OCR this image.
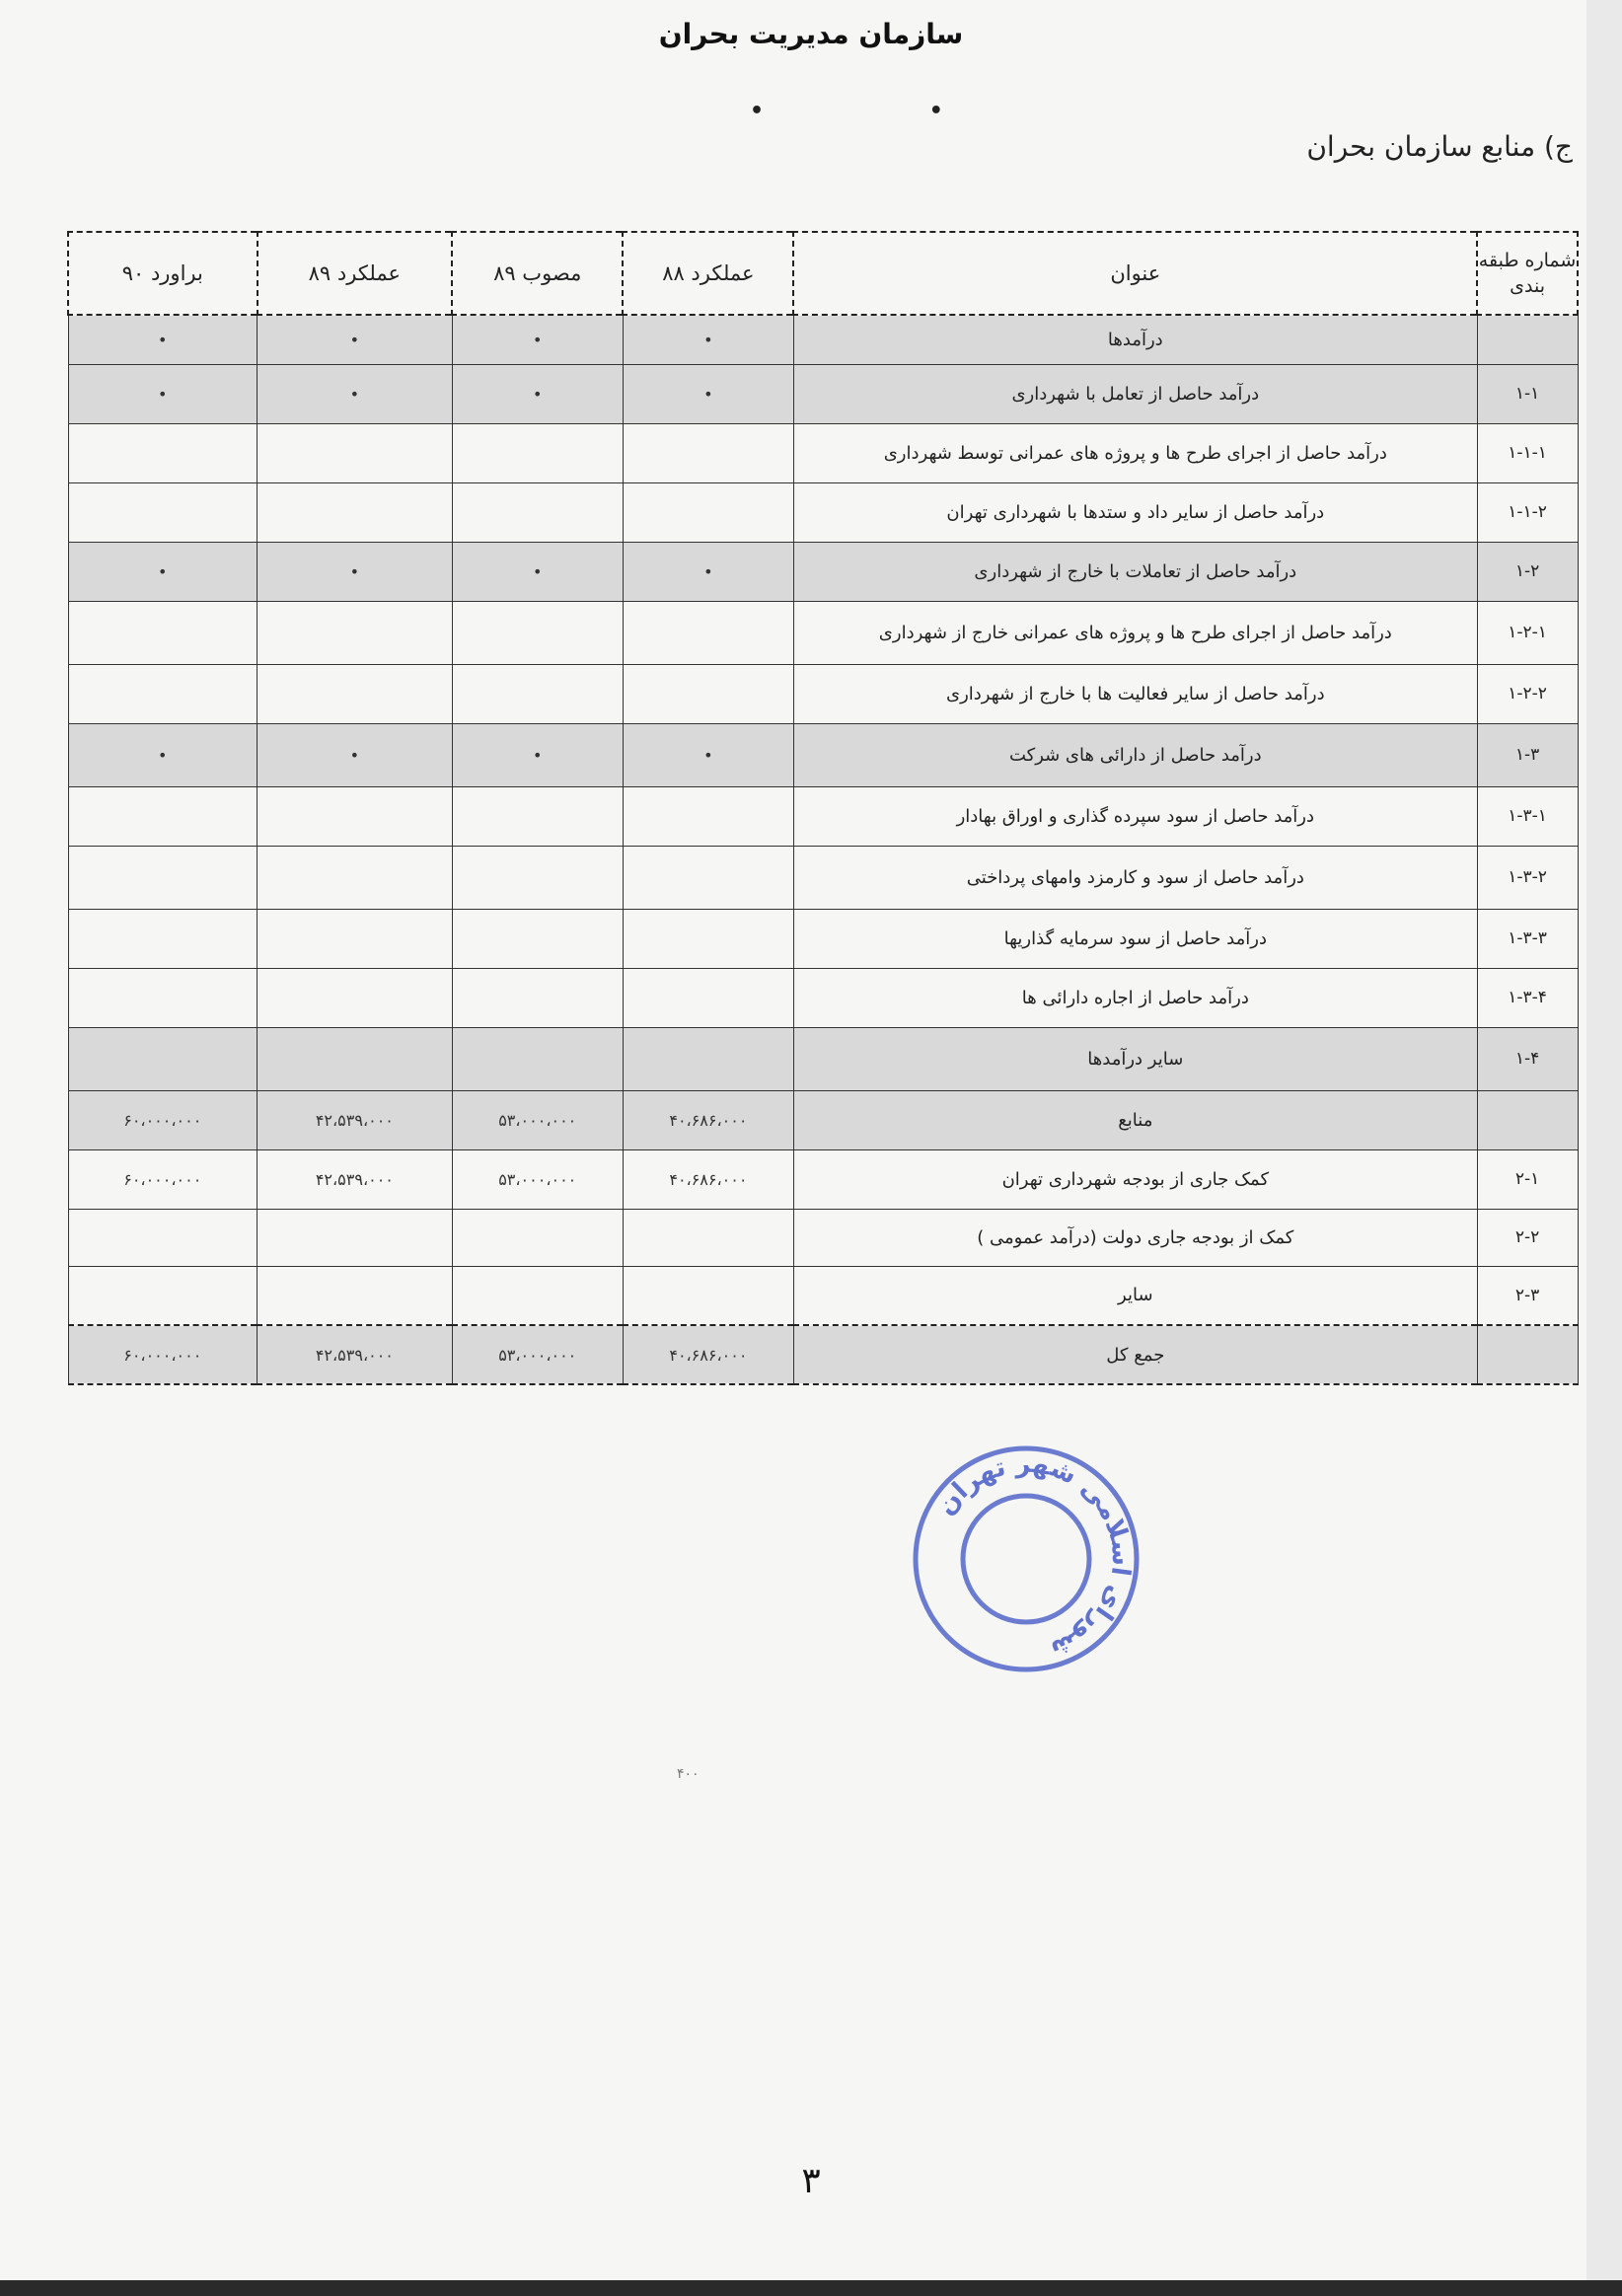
سازمان مدیریت بحران
• •
ج) منابع سازمان بحران
شماره طبقه بندی	عنوان	عملکرد ۸۸	مصوب ۸۹	عملکرد ۸۹	براورد ۹۰
	درآمدها	•	•	•	•
۱-۱	درآمد حاصل از تعامل با شهرداری	•	•	•	•
۱-۱-۱	درآمد حاصل از اجرای طرح ها و پروژه های عمرانی توسط شهرداری				
۱-۱-۲	درآمد حاصل از سایر داد و ستدها با شهرداری تهران				
۱-۲	درآمد حاصل از تعاملات با خارج از شهرداری	•	•	•	•
۱-۲-۱	درآمد حاصل از اجرای طرح ها و پروژه های عمرانی خارج از شهرداری				
۱-۲-۲	درآمد حاصل از سایر فعالیت ها با خارج از شهرداری				
۱-۳	درآمد حاصل از دارائی های شرکت	•	•	•	•
۱-۳-۱	درآمد حاصل از سود سپرده گذاری و اوراق بهادار				
۱-۳-۲	درآمد حاصل از سود و کارمزد وامهای پرداختی				
۱-۳-۳	درآمد حاصل از سود سرمایه گذاریها				
۱-۳-۴	درآمد حاصل از اجاره دارائی ها				
۱-۴	سایر درآمدها				
	منابع	۴۰،۶۸۶،۰۰۰	۵۳،۰۰۰،۰۰۰	۴۲،۵۳۹،۰۰۰	۶۰،۰۰۰،۰۰۰
۲-۱	کمک جاری از بودجه شهرداری تهران	۴۰،۶۸۶،۰۰۰	۵۳،۰۰۰،۰۰۰	۴۲،۵۳۹،۰۰۰	۶۰،۰۰۰،۰۰۰
۲-۲	کمک از بودجه جاری دولت (درآمد عمومی )				
۲-۳	سایر				
	جمع کل	۴۰،۶۸۶،۰۰۰	۵۳،۰۰۰،۰۰۰	۴۲،۵۳۹،۰۰۰	۶۰،۰۰۰،۰۰۰
شورای اسلامی شهر تهران
۴۰۰
۳
